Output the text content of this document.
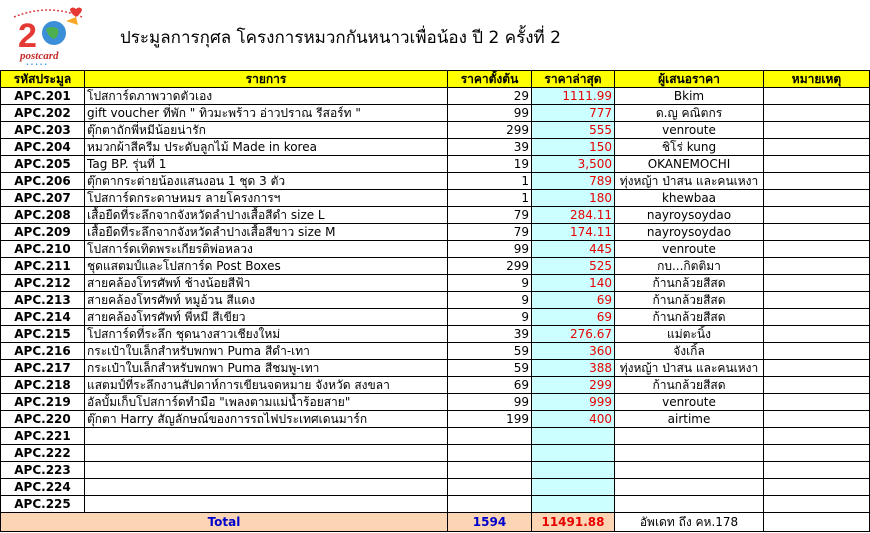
2
postcard
• • • • •
ประมูลการกุศล โครงการหมวกกันหนาวเพื่อน้อง ปี 2 ครั้งที่ 2
รหัสประมูล	รายการ	ราคาตั้งต้น	ราคาล่าสุด	ผู้เสนอราคา	หมายเหตุ
APC.201	โปสการ์ดภาพวาดตัวเอง	29	1111.99	Bkim	
APC.202	gift voucher ที่พัก " ทิวมะพร้าว อ่าวปราณ รีสอร์ท "	99	777	ด.ญ คณิตกร	
APC.203	ตุ๊กตาถักพี่หมีน้อยน่ารัก	299	555	venroute	
APC.204	หมวกผ้าสีครีม ประดับลูกไม้ Made in korea	39	150	ชิโร่ kung	
APC.205	Tag BP. รุ่นที่ 1	19	3,500	OKANEMOCHI	
APC.206	ตุ๊กตากระต่ายน้องแสนงอน 1 ชุด 3 ตัว	1	789	ทุ่งหญ้า ป่าสน และคนเหงา	
APC.207	โปสการ์ดกระดาษหมร ลายโครงการฯ	1	180	khewbaa	
APC.208	เสื้อยืดที่ระลึกจากจังหวัดลำปางเสื้อสีดำ size L	79	284.11	nayroysoydao	
APC.209	เสื้อยืดที่ระลึกจากจังหวัดลำปางเสื้อสีขาว size M	79	174.11	nayroysoydao	
APC.210	โปสการ์ดเทิดพระเกียรติพ่อหลวง	99	445	venroute	
APC.211	ชุดแสตมป์และโปสการ์ด Post Boxes	299	525	กบ...กิตติมา	
APC.212	สายคล้องโทรศัพท์ ช้างน้อยสีฟ้า	9	140	ก้านกล้วยสีสด	
APC.213	สายคล้องโทรศัพท์ หมูอ้วน สีแดง	9	69	ก้านกล้วยสีสด	
APC.214	สายคล้องโทรศัพท์ พี่หมี สีเขียว	9	69	ก้านกล้วยสีสด	
APC.215	โปสการ์ดที่ระลึก ชุดนางสาวเชียงใหม่	39	276.67	แม่ตะนิ้ง	
APC.216	กระเป๋าใบเล็กสำหรับพกพา Puma สีดำ-เทา	59	360	จังเกิ้ล	
APC.217	กระเป๋าใบเล็กสำหรับพกพา Puma สีชมพู-เทา	59	388	ทุ่งหญ้า ป่าสน และคนเหงา	
APC.218	แสตมป์ที่ระลึกงานสัปดาห์การเขียนจดหมาย จังหวัด สงขลา	69	299	ก้านกล้วยสีสด	
APC.219	อัลบั้มเก็บโปสการ์ดทำมือ "เพลงตามแม่น้ำร้อยสาย"	99	999	venroute	
APC.220	ตุ๊กตา Harry สัญลักษณ์ของการรถไฟประเทศเดนมาร์ก	199	400	airtime	
APC.221					
APC.222					
APC.223					
APC.224					
APC.225					
Total		1594	11491.88	อัพเดท ถึง คห.178	
